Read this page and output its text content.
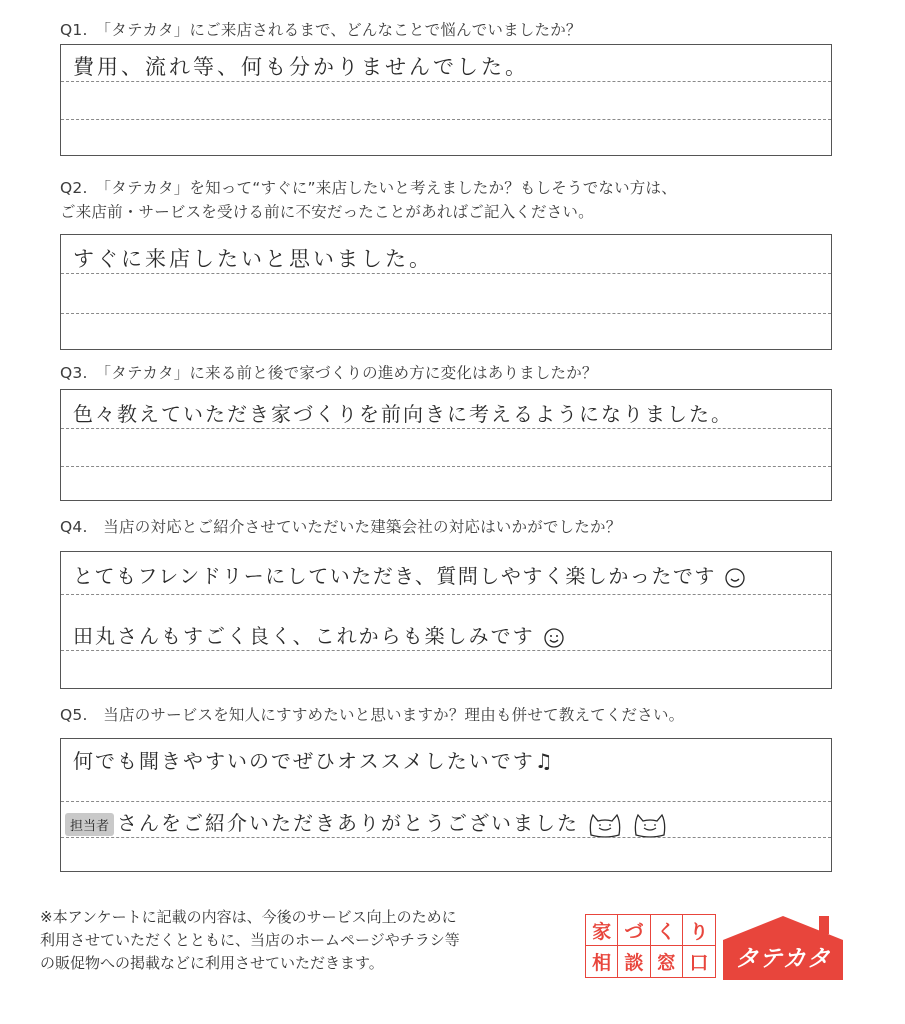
Q1.　「タテカタ」にご来店されるまで、どんなことで悩んでいましたか？
費用、流れ等、何も分かりませんでした。
Q2.　「タテカタ」を知って“すぐに”来店したいと考えましたか？もしそうでない方は、
ご来店前・サービスを受ける前に不安だったことがあればご記入ください。
すぐに来店したいと思いました。
Q3.　「タテカタ」に来る前と後で家づくりの進め方に変化はありましたか？
色々教えていただき家づくりを前向きに考えるようになりました。
Q4.　当店の対応とご紹介させていただいた建築会社の対応はいかがでしたか？
とてもフレンドリーにしていただき、質問しやすく楽しかったです
田丸さんもすごく良く、これからも楽しみです
Q5.　当店のサービスを知人にすすめたいと思いますか？理由も併せて教えてください。
何でも聞きやすいのでぜひオススメしたいです♫
担当者 さんをご紹介いただきありがとうございました
※本アンケートに記載の内容は、今後のサービス向上のために
利用させていただくとともに、当店のホームページやチラシ等
の販促物への掲載などに利用させていただきます。
家 づ く り
相 談 窓 口	タテカタ
